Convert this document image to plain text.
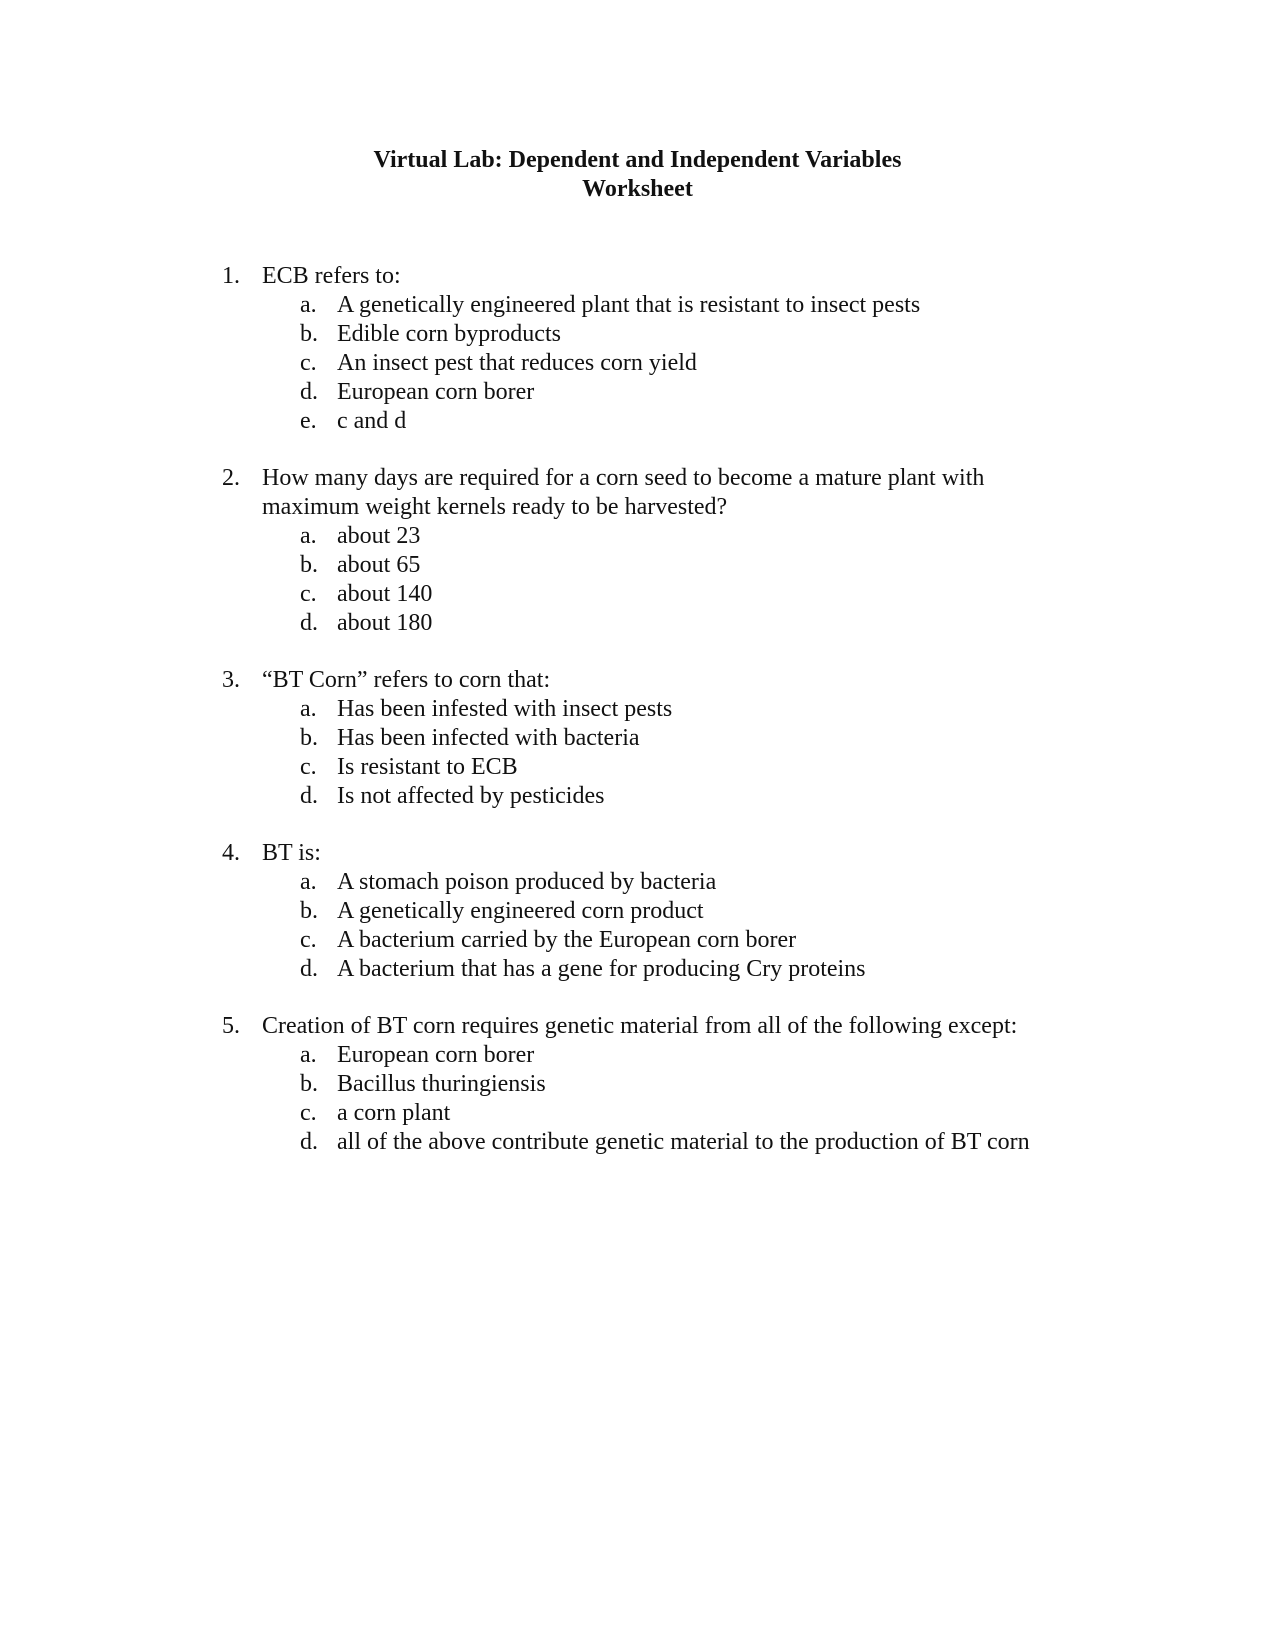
Virtual Lab: Dependent and Independent Variables
Worksheet
1. ECB refers to:
a. A genetically engineered plant that is resistant to insect pests
b. Edible corn byproducts
c. An insect pest that reduces corn yield
d. European corn borer
e. c and d
2. How many days are required for a corn seed to become a mature plant with
maximum weight kernels ready to be harvested?
a. about 23
b. about 65
c. about 140
d. about 180
3. “BT Corn” refers to corn that:
a. Has been infested with insect pests
b. Has been infected with bacteria
c. Is resistant to ECB
d. Is not affected by pesticides
4. BT is:
a. A stomach poison produced by bacteria
b. A genetically engineered corn product
c. A bacterium carried by the European corn borer
d. A bacterium that has a gene for producing Cry proteins
5. Creation of BT corn requires genetic material from all of the following except:
a. European corn borer
b. Bacillus thuringiensis
c. a corn plant
d. all of the above contribute genetic material to the production of BT corn
